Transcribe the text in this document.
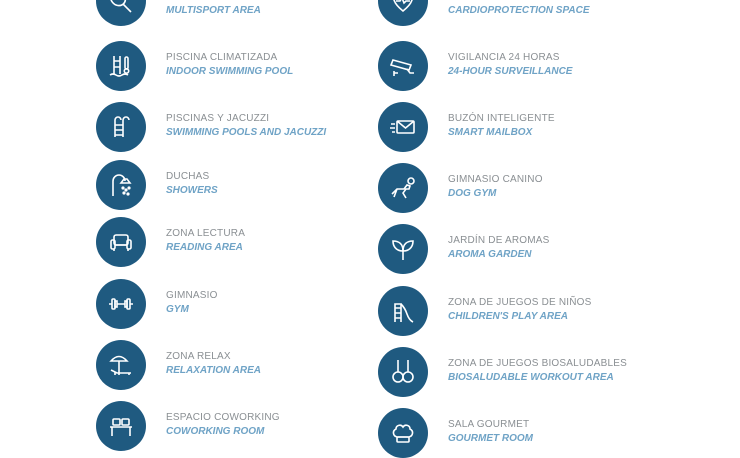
MULTISPORT AREA
PISCINA CLIMATIZADA
INDOOR SWIMMING POOL
PISCINAS Y JACUZZI
SWIMMING POOLS AND JACUZZI
DUCHAS
SHOWERS
ZONA LECTURA
READING AREA
GIMNASIO
GYM
ZONA RELAX
RELAXATION AREA
ESPACIO COWORKING
COWORKING ROOM
CARDIOPROTECTION SPACE
VIGILANCIA 24 HORAS
24-HOUR SURVEILLANCE
BUZÓN INTELIGENTE
SMART MAILBOX
GIMNASIO CANINO
DOG GYM
JARDÍN DE AROMAS
AROMA GARDEN
ZONA DE JUEGOS DE NIÑOS
CHILDREN'S PLAY AREA
ZONA DE JUEGOS BIOSALUDABLES
BIOSALUDABLE WORKOUT AREA
SALA GOURMET
GOURMET ROOM
